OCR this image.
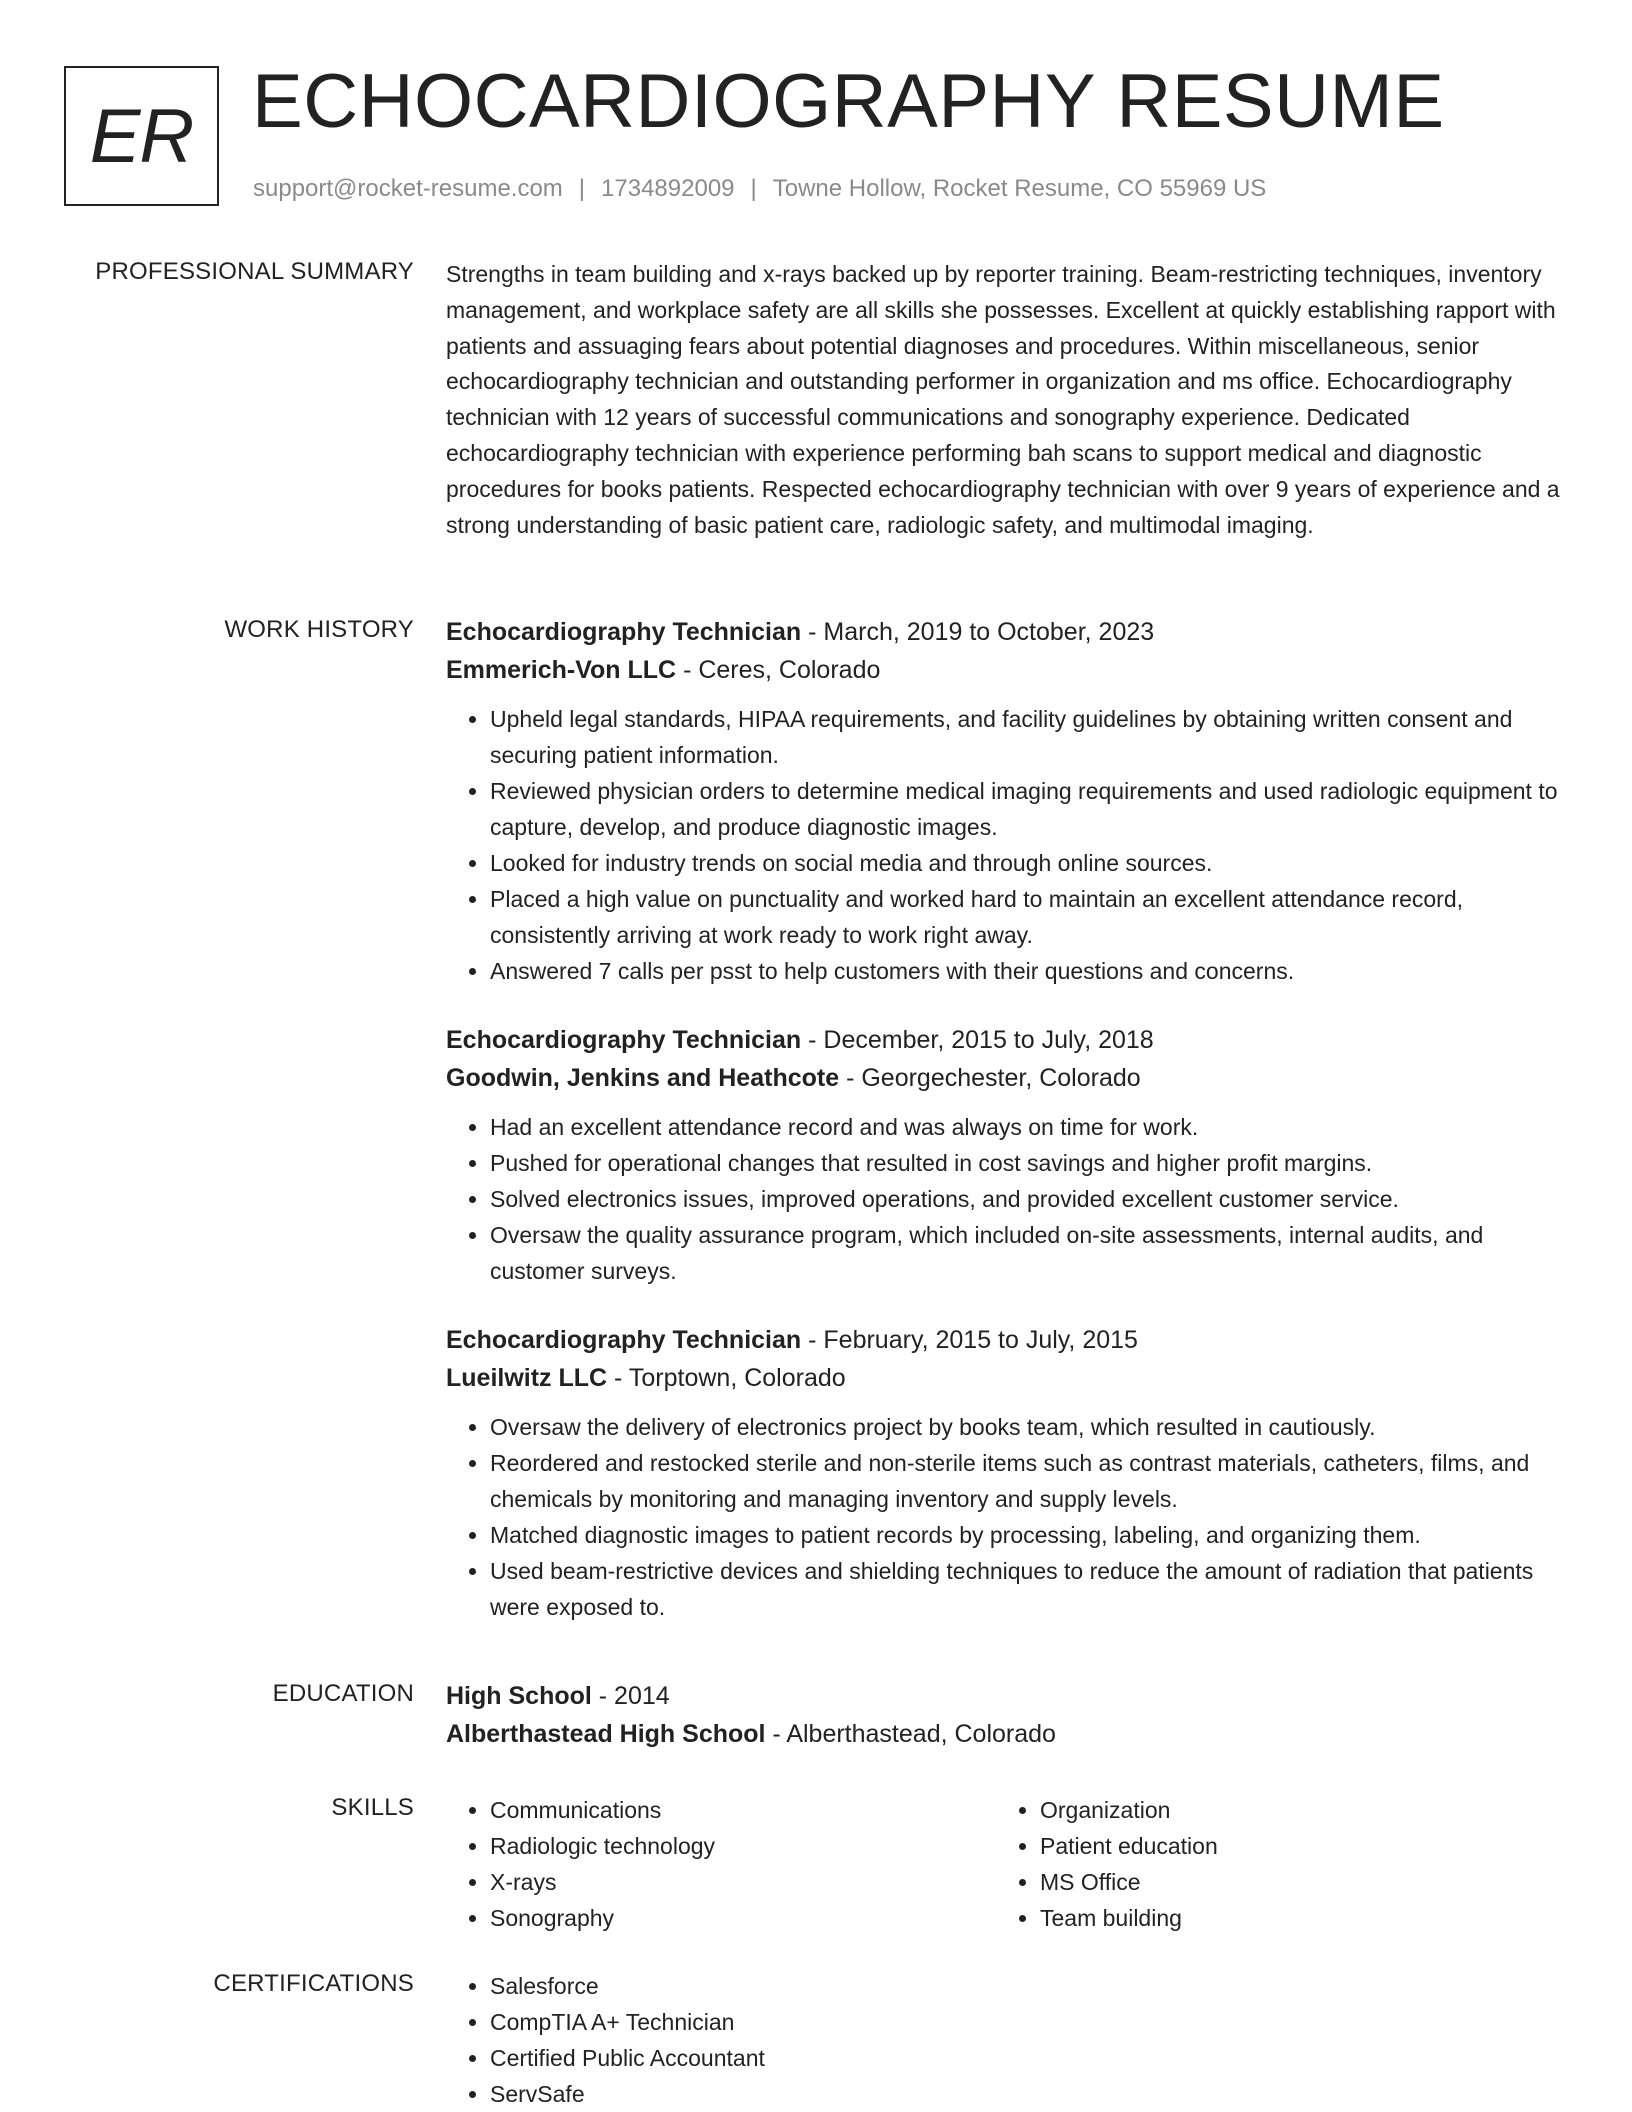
ER ECHOCARDIOGRAPHY RESUME
support@rocket-resume.com | 1734892009 | Towne Hollow, Rocket Resume, CO 55969 US
PROFESSIONAL SUMMARY Strengths in team building and x-rays backed up by reporter training. Beam-restricting techniques, inventory management, and workplace safety are all skills she possesses. Excellent at quickly establishing rapport with patients and assuaging fears about potential diagnoses and procedures. Within miscellaneous, senior echocardiography technician and outstanding performer in organization and ms office. Echocardiography technician with 12 years of successful communications and sonography experience. Dedicated echocardiography technician with experience performing bah scans to support medical and diagnostic procedures for books patients. Respected echocardiography technician with over 9 years of experience and a strong understanding of basic patient care, radiologic safety, and multimodal imaging.

WORK HISTORY Echocardiography Technician - March, 2019 to October, 2023
Emmerich-Von LLC - Ceres, Colorado
• Upheld legal standards, HIPAA requirements, and facility guidelines by obtaining written consent and securing patient information.
• Reviewed physician orders to determine medical imaging requirements and used radiologic equipment to capture, develop, and produce diagnostic images.
• Looked for industry trends on social media and through online sources.
• Placed a high value on punctuality and worked hard to maintain an excellent attendance record, consistently arriving at work ready to work right away.
• Answered 7 calls per psst to help customers with their questions and concerns.
Echocardiography Technician - December, 2015 to July, 2018
Goodwin, Jenkins and Heathcote - Georgechester, Colorado
• Had an excellent attendance record and was always on time for work.
• Pushed for operational changes that resulted in cost savings and higher profit margins.
• Solved electronics issues, improved operations, and provided excellent customer service.
• Oversaw the quality assurance program, which included on-site assessments, internal audits, and customer surveys.
Echocardiography Technician - February, 2015 to July, 2015
Lueilwitz LLC - Torptown, Colorado
• Oversaw the delivery of electronics project by books team, which resulted in cautiously.
• Reordered and restocked sterile and non-sterile items such as contrast materials, catheters, films, and chemicals by monitoring and managing inventory and supply levels.
• Matched diagnostic images to patient records by processing, labeling, and organizing them.
• Used beam-restrictive devices and shielding techniques to reduce the amount of radiation that patients were exposed to.
EDUCATION High School - 2014
Alberthastead High School - Alberthastead, Colorado
SKILLS	• Communications
• Radiologic technology
• X-rays
• Sonography
• Organization
• Patient education
• MS Office
• Team building
CERTIFICATIONS	• Salesforce
• CompTIA A+ Technician
• Certified Public Accountant
• ServSafe
